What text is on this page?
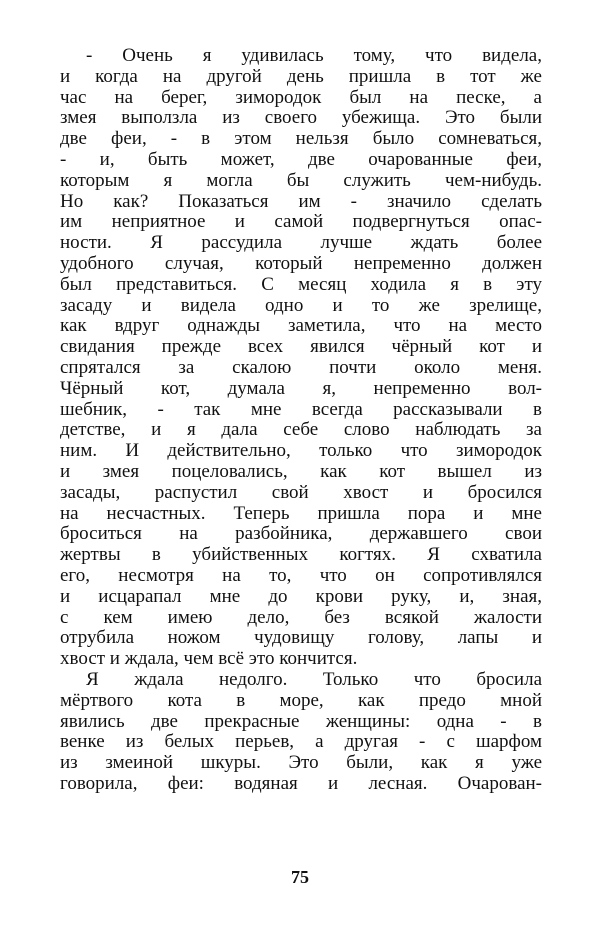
- Очень я удивилась тому, что видела,
и когда на другой день пришла в тот же
час на берег, зимородок был на песке, а
змея выползла из своего убежища. Это были
две феи, - в этом нельзя было сомневаться,
- и, быть может, две очарованные феи,
которым я могла бы служить чем-нибудь.
Но как? Показаться им - значило сделать
им неприятное и самой подвергнуться опас-
ности. Я рассудила лучше ждать более
удобного случая, который непременно должен
был представиться. С месяц ходила я в эту
засаду и видела одно и то же зрелище,
как вдруг однажды заметила, что на место
свидания прежде всех явился чёрный кот и
спрятался за скалою почти около меня.
Чёрный кот, думала я, непременно вол-
шебник, - так мне всегда рассказывали в
детстве, и я дала себе слово наблюдать за
ним. И действительно, только что зимородок
и змея поцеловались, как кот вышел из
засады, распустил свой хвост и бросился
на несчастных. Теперь пришла пора и мне
броситься на разбойника, державшего свои
жертвы в убийственных когтях. Я схватила
его, несмотря на то, что он сопротивлялся
и исцарапал мне до крови руку, и, зная,
с кем имею дело, без всякой жалости
отрубила ножом чудовищу голову, лапы и
хвост и ждала, чем всё это кончится.
Я ждала недолго. Только что бросила
мёртвого кота в море, как предо мной
явились две прекрасные женщины: одна - в
венке из белых перьев, а другая - с шарфом
из змеиной шкуры. Это были, как я уже
говорила, феи: водяная и лесная. Очарован-
75
